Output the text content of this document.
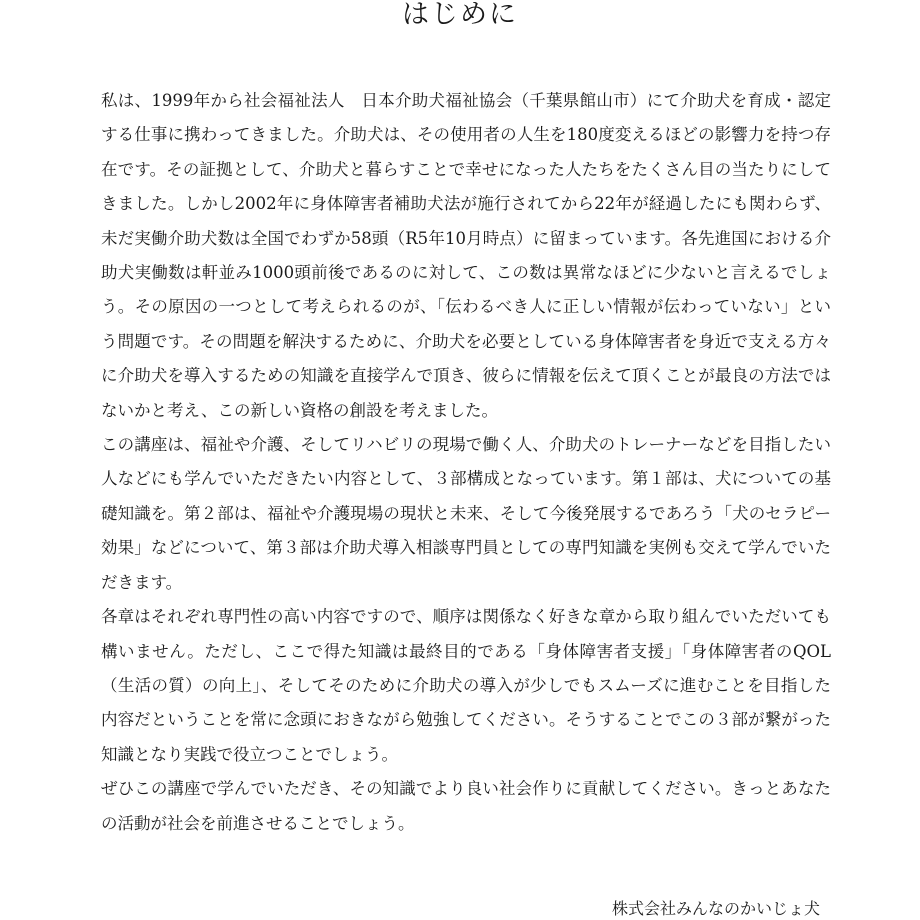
はじめに

私は、1999年から社会福祉法人　日本介助犬福祉協会（千葉県館山市）にて介助犬を育成・認定する仕事に携わってきました。介助犬は、その使用者の人生を180度変えるほどの影響力を持つ存在です。その証拠として、介助犬と暮らすことで幸せになった人たちをたくさん目の当たりにしてきました。しかし2002年に身体障害者補助犬法が施行されてから22年が経過したにも関わらず、未だ実働介助犬数は全国でわずか58頭（R5年10月時点）に留まっています。各先進国における介助犬実働数は軒並み1000頭前後であるのに対して、この数は異常なほどに少ないと言えるでしょう。その原因の一つとして考えられるのが、「伝わるべき人に正しい情報が伝わっていない」という問題です。その問題を解決するために、介助犬を必要としている身体障害者を身近で支える方々に介助犬を導入するための知識を直接学んで頂き、彼らに情報を伝えて頂くことが最良の方法ではないかと考え、この新しい資格の創設を考えました。

この講座は、福祉や介護、そしてリハビリの現場で働く人、介助犬のトレーナーなどを目指したい人などにも学んでいただきたい内容として、３部構成となっています。第１部は、犬についての基礎知識を。第２部は、福祉や介護現場の現状と未来、そして今後発展するであろう「犬のセラピー効果」などについて、第３部は介助犬導入相談専門員としての専門知識を実例も交えて学んでいただきます。

各章はそれぞれ専門性の高い内容ですので、順序は関係なく好きな章から取り組んでいただいても構いません。ただし、ここで得た知識は最終目的である「身体障害者支援」「身体障害者のQOL（生活の質）の向上」、そしてそのために介助犬の導入が少しでもスムーズに進むことを目指した内容だということを常に念頭におきながら勉強してください。そうすることでこの３部が繋がった知識となり実践で役立つことでしょう。

ぜひこの講座で学んでいただき、その知識でより良い社会作りに貢献してください。きっとあなたの活動が社会を前進させることでしょう。

株式会社みんなのかいじょ犬
